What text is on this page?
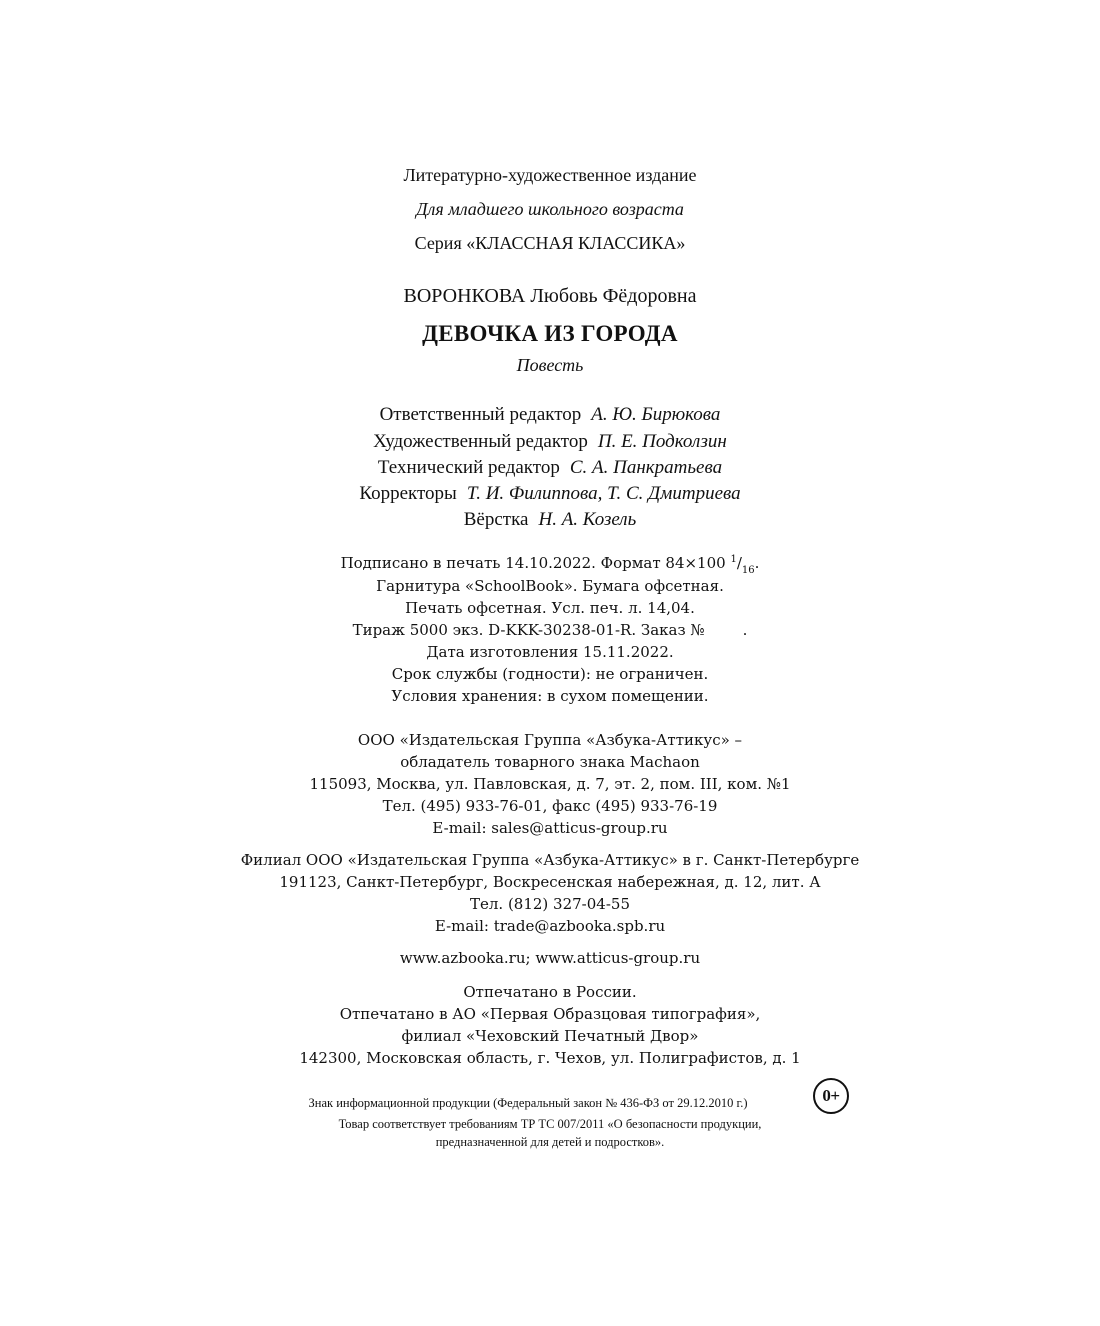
Литературно-художественное издание
Для младшего школьного возраста
Серия «КЛАССНАЯ КЛАССИКА»
ВОРОНКОВА Любовь Фёдоровна
ДЕВОЧКА ИЗ ГОРОДА
Повесть
Ответственный редактор А. Ю. Бирюкова
Художественный редактор П. Е. Подколзин
Технический редактор С. А. Панкратьева
Корректоры Т. И. Филиппова, Т. С. Дмитриева
Вёрстка Н. А. Козель
Подписано в печать 14.10.2022. Формат 84×100 $^1/_{16}$.
Гарнитура «SchoolBook». Бумага офсетная.
Печать офсетная. Усл. печ. л. 14,04.
Тираж 5000 экз. D-KKK-30238-01-R. Заказ №	.
Дата изготовления 15.11.2022.
Срок службы (годности): не ограничен.
Условия хранения: в сухом помещении.
ООО «Издательская Группа «Азбука-Аттикус» –
обладатель товарного знака Machaon
115093, Москва, ул. Павловская, д. 7, эт. 2, пом. III, ком. №1
Тел. (495) 933-76-01, факс (495) 933-76-19
E-mail: sales@atticus-group.ru
Филиал ООО «Издательская Группа «Азбука-Аттикус» в г. Санкт-Петербурге
191123, Санкт-Петербург, Воскресенская набережная, д. 12, лит. А
Тел. (812) 327-04-55
E-mail: trade@azbooka.spb.ru
www.azbooka.ru; www.atticus-group.ru
Отпечатано в России.
Отпечатано в АО «Первая Образцовая типография»,
филиал «Чеховский Печатный Двор»
142300, Московская область, г. Чехов, ул. Полиграфистов, д. 1
Знак информационной продукции (Федеральный закон № 436-ФЗ от 29.12.2010 г.)	0+
Товар соответствует требованиям ТР ТС 007/2011 «О безопасности продукции,
предназначенной для детей и подростков».
